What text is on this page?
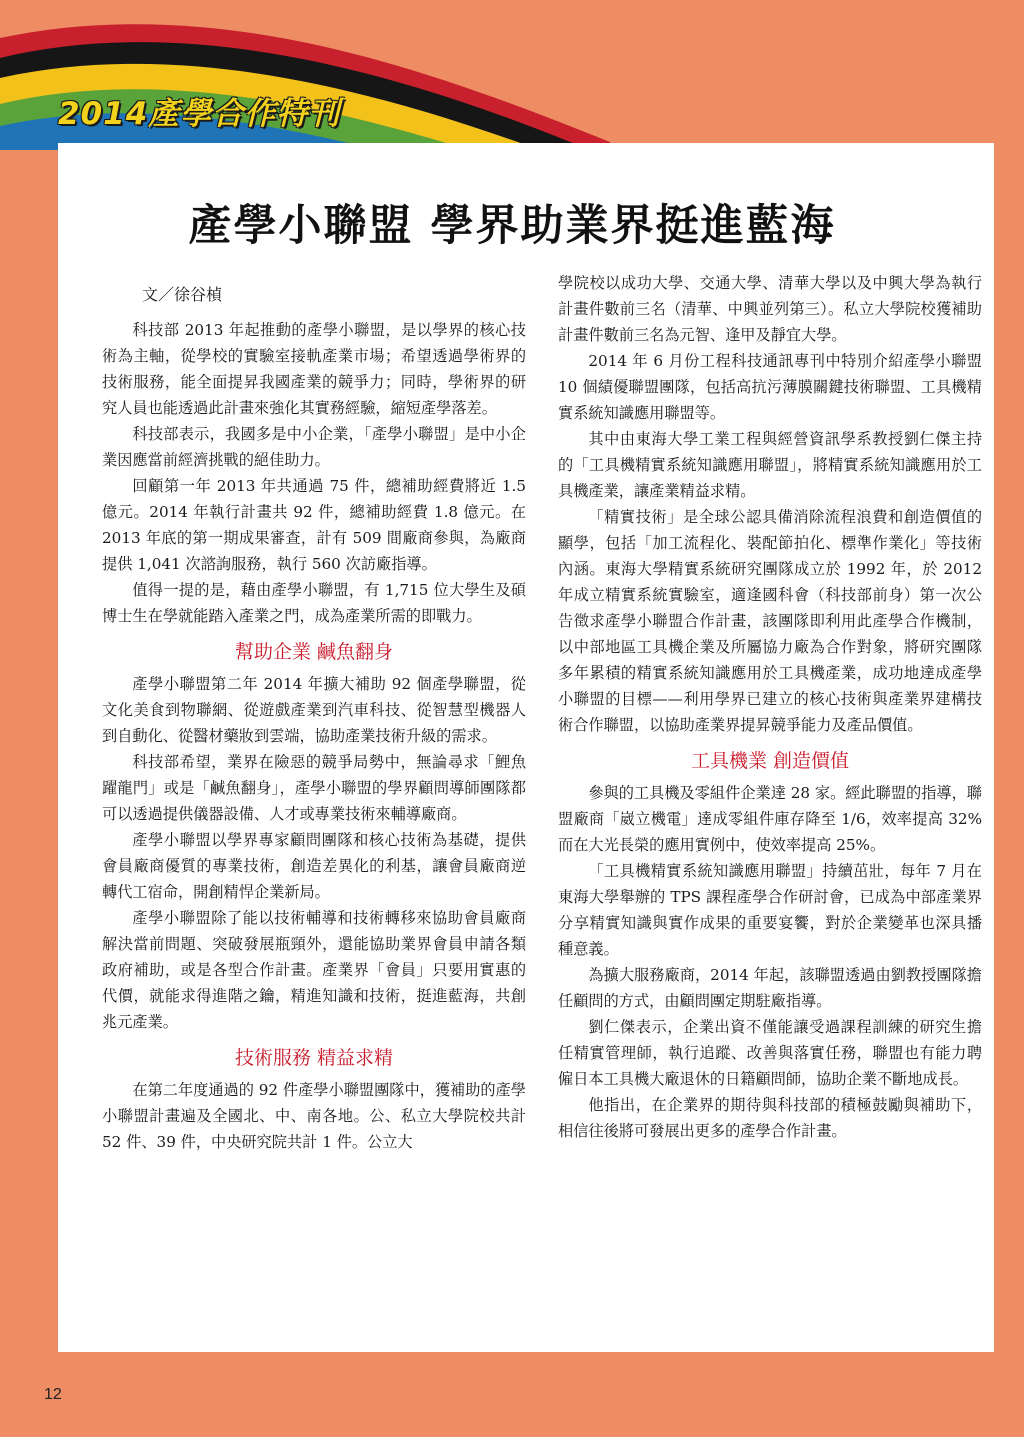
2014產學合作特刊
產學小聯盟 學界助業界挺進藍海
文／徐谷楨

科技部 2013 年起推動的產學小聯盟，是以學界的核心技術為主軸，從學校的實驗室接軌產業市場；希望透過學術界的技術服務，能全面提昇我國產業的競爭力；同時，學術界的研究人員也能透過此計畫來強化其實務經驗，縮短產學落差。

科技部表示，我國多是中小企業，「產學小聯盟」是中小企業因應當前經濟挑戰的絕佳助力。

回顧第一年 2013 年共通過 75 件，總補助經費將近 1.5 億元。2014 年執行計畫共 92 件，總補助經費 1.8 億元。在 2013 年底的第一期成果審查，計有 509 間廠商參與，為廠商提供 1,041 次諮詢服務，執行 560 次訪廠指導。

值得一提的是，藉由產學小聯盟，有 1,715 位大學生及碩博士生在學就能踏入產業之門，成為產業所需的即戰力。

幫助企業 鹹魚翻身

產學小聯盟第二年 2014 年擴大補助 92 個產學聯盟，從文化美食到物聯網、從遊戲產業到汽車科技、從智慧型機器人到自動化、從醫材藥妝到雲端，協助產業技術升級的需求。

科技部希望，業界在險惡的競爭局勢中，無論尋求「鯉魚躍龍門」或是「鹹魚翻身」，產學小聯盟的學界顧問導師團隊都可以透過提供儀器設備、人才或專業技術來輔導廠商。

產學小聯盟以學界專家顧問團隊和核心技術為基礎，提供會員廠商優質的專業技術，創造差異化的利基，讓會員廠商逆轉代工宿命，開創精悍企業新局。

產學小聯盟除了能以技術輔導和技術轉移來協助會員廠商解決當前問題、突破發展瓶頸外，還能協助業界會員申請各類政府補助，或是各型合作計畫。產業界「會員」只要用實惠的代價，就能求得進階之鑰，精進知識和技術，挺進藍海，共創兆元產業。

技術服務 精益求精

在第二年度通過的 92 件產學小聯盟團隊中，獲補助的產學小聯盟計畫遍及全國北、中、南各地。公、私立大學院校共計 52 件、39 件，中央研究院共計 1 件。公立大

學院校以成功大學、交通大學、清華大學以及中興大學為執行計畫件數前三名（清華、中興並列第三）。私立大學院校獲補助計畫件數前三名為元智、逢甲及靜宜大學。

2014 年 6 月份工程科技通訊專刊中特別介紹產學小聯盟 10 個績優聯盟團隊，包括高抗污薄膜關鍵技術聯盟、工具機精實系統知識應用聯盟等。

其中由東海大學工業工程與經營資訊學系教授劉仁傑主持的「工具機精實系統知識應用聯盟」，將精實系統知識應用於工具機產業，讓產業精益求精。

「精實技術」是全球公認具備消除流程浪費和創造價值的顯學，包括「加工流程化、裝配節拍化、標準作業化」等技術內涵。東海大學精實系統研究團隊成立於 1992 年，於 2012 年成立精實系統實驗室，適逢國科會（科技部前身）第一次公告徵求產學小聯盟合作計畫，該團隊即利用此產學合作機制，以中部地區工具機企業及所屬協力廠為合作對象，將研究團隊多年累積的精實系統知識應用於工具機產業，成功地達成產學小聯盟的目標——利用學界已建立的核心技術與產業界建構技術合作聯盟，以協助產業界提昇競爭能力及產品價值。

工具機業 創造價值

參與的工具機及零組件企業達 28 家。經此聯盟的指導，聯盟廠商「崴立機電」達成零組件庫存降至 1/6，效率提高 32% 而在大光長榮的應用實例中，使效率提高 25%。

「工具機精實系統知識應用聯盟」持續茁壯，每年 7 月在東海大學舉辦的 TPS 課程產學合作研討會，已成為中部產業界分享精實知識與實作成果的重要宴饗，對於企業變革也深具播種意義。

為擴大服務廠商，2014 年起，該聯盟透過由劉教授團隊擔任顧問的方式，由顧問團定期駐廠指導。

劉仁傑表示，企業出資不僅能讓受過課程訓練的研究生擔任精實管理師，執行追蹤、改善與落實任務，聯盟也有能力聘僱日本工具機大廠退休的日籍顧問師，協助企業不斷地成長。

他指出，在企業界的期待與科技部的積極鼓勵與補助下，相信往後將可發展出更多的產學合作計畫。

12
